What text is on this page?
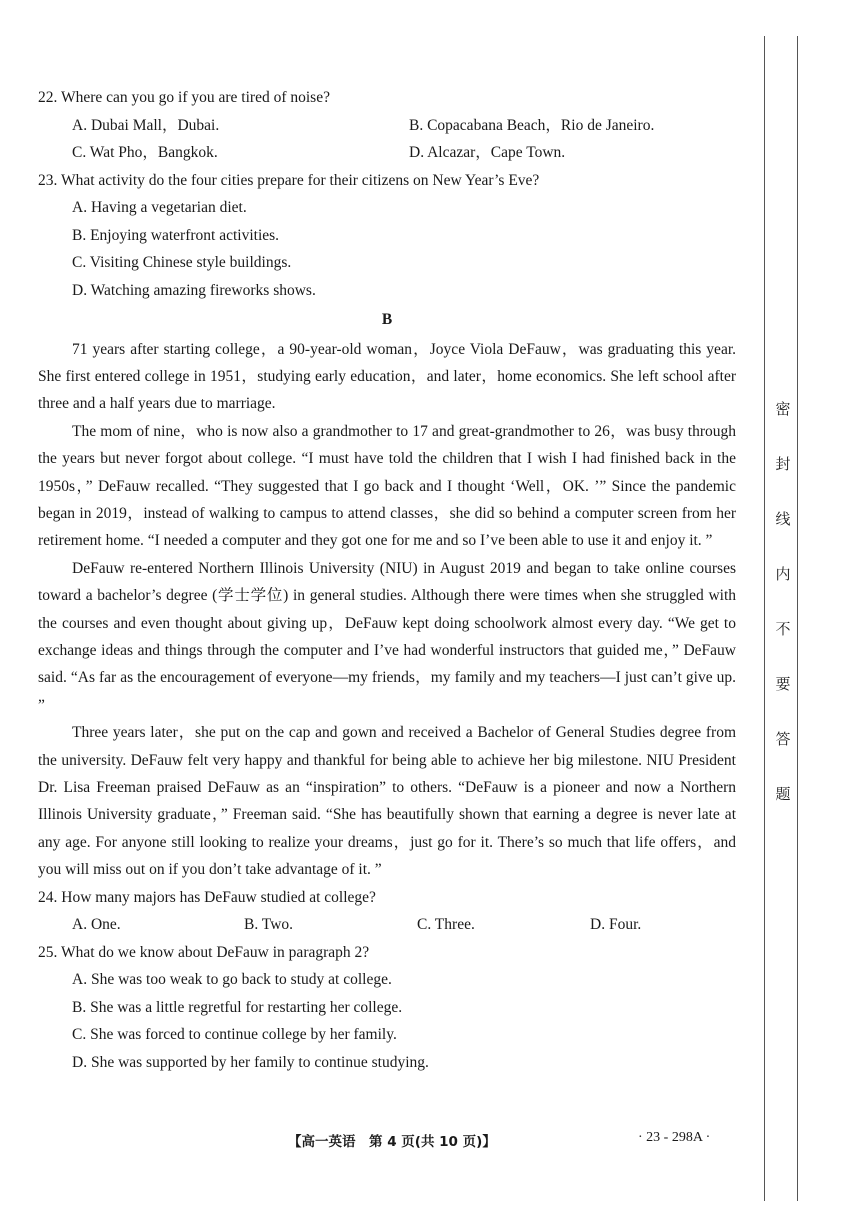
22. Where can you go if you are tired of noise?
A. Dubai Mall，Dubai.	B. Copacabana Beach，Rio de Janeiro.
C. Wat Pho，Bangkok.	D. Alcazar，Cape Town.
23. What activity do the four cities prepare for their citizens on New Year’s Eve?
A. Having a vegetarian diet.
B. Enjoying waterfront activities.
C. Visiting Chinese style buildings.
D. Watching amazing fireworks shows.
B

71 years after starting college，a 90-year-old woman，Joyce Viola DeFauw，was graduating this year. She first entered college in 1951，studying early education，and later，home economics. She left school after three and a half years due to marriage.

The mom of nine，who is now also a grandmother to 17 and great-grandmother to 26，was busy through the years but never forgot about college. “I must have told the children that I wish I had finished back in the 1950s，” DeFauw recalled. “They suggested that I go back and I thought ‘Well，OK. ’” Since the pandemic began in 2019，instead of walking to campus to attend classes，she did so behind a computer screen from her retirement home. “I needed a computer and they got one for me and so I’ve been able to use it and enjoy it. ”

DeFauw re-entered Northern Illinois University (NIU) in August 2019 and began to take online courses toward a bachelor’s degree (学士学位) in general studies. Although there were times when she struggled with the courses and even thought about giving up，DeFauw kept doing schoolwork almost every day. “We get to exchange ideas and things through the computer and I’ve had wonderful instructors that guided me，” DeFauw said. “As far as the encouragement of everyone—my friends，my family and my teachers—I just can’t give up. ”

Three years later，she put on the cap and gown and received a Bachelor of General Studies degree from the university. DeFauw felt very happy and thankful for being able to achieve her big milestone. NIU President Dr. Lisa Freeman praised DeFauw as an “inspiration” to others. “DeFauw is a pioneer and now a Northern Illinois University graduate，” Freeman said. “She has beautifully shown that earning a degree is never late at any age. For anyone still looking to realize your dreams，just go for it. There’s so much that life offers，and you will miss out on if you don’t take advantage of it. ”

24. How many majors has DeFauw studied at college?
A. One.	B. Two.	C. Three.	D. Four.
25. What do we know about DeFauw in paragraph 2?
A. She was too weak to go back to study at college.
B. She was a little regretful for restarting her college.
C. She was forced to continue college by her family.
D. She was supported by her family to continue studying.
【高一英语　第 4 页(共 10 页)】	· 23 - 298A ·
密
封
线
内
不
要
答
题
